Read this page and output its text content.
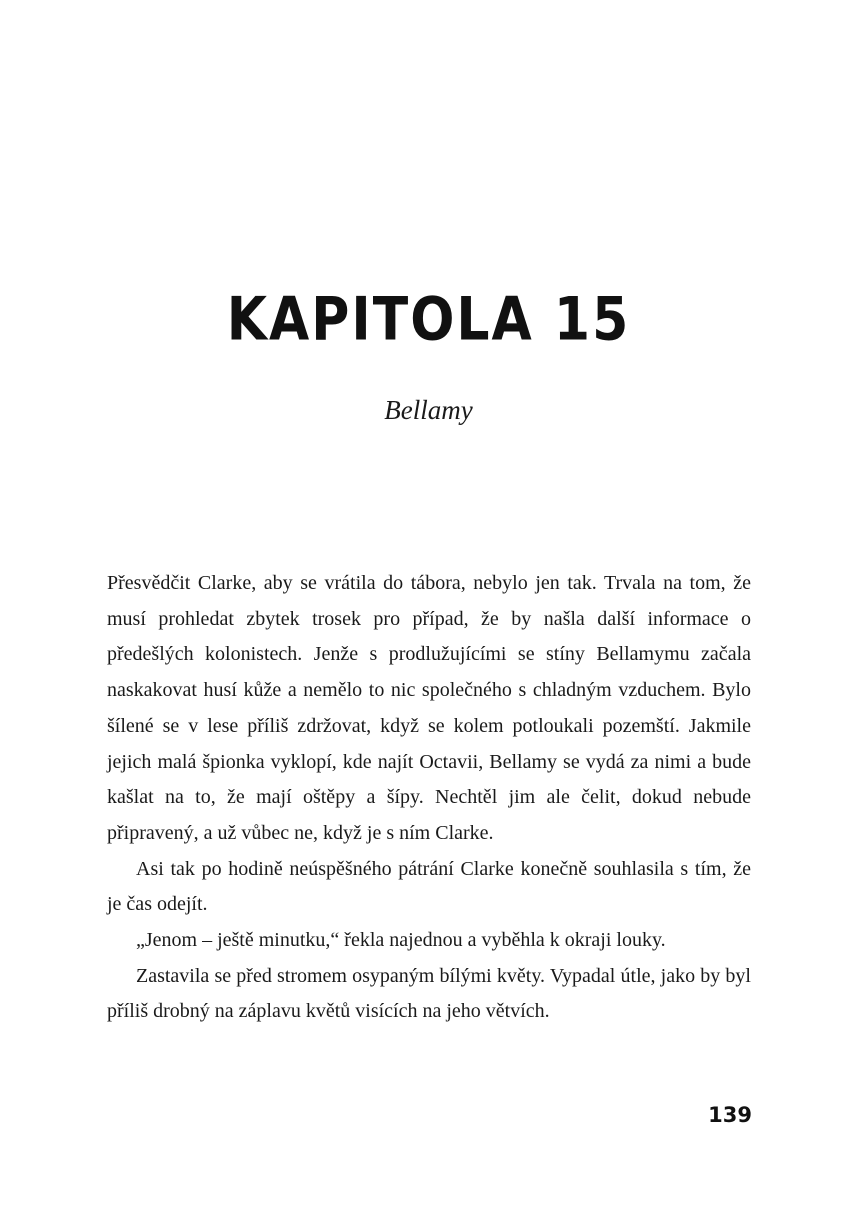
KAPITOLA 15
Bellamy

Přesvědčit Clarke, aby se vrátila do tábora, nebylo jen tak. Trvala na tom, že musí prohledat zbytek trosek pro případ, že by našla další informace o předešlých kolonistech. Jenže s prodlužujícími se stíny Bellamymu začala naskakovat husí kůže a nemělo to nic společného s chladným vzduchem. Bylo šílené se v lese příliš zdržovat, když se kolem potloukali pozemští. Jakmile jejich malá špionka vyklopí, kde najít Octavii, Bellamy se vydá za nimi a bude kašlat na to, že mají oštěpy a šípy. Nechtěl jim ale čelit, dokud nebude připravený, a už vůbec ne, když je s ním Clarke.

Asi tak po hodině neúspěšného pátrání Clarke konečně souhlasila s tím, že je čas odejít.

„Jenom – ještě minutku,“ řekla najednou a vyběhla k okraji louky.

Zastavila se před stromem osypaným bílými květy. Vypadal útle, jako by byl příliš drobný na záplavu květů visících na jeho větvích.

139
